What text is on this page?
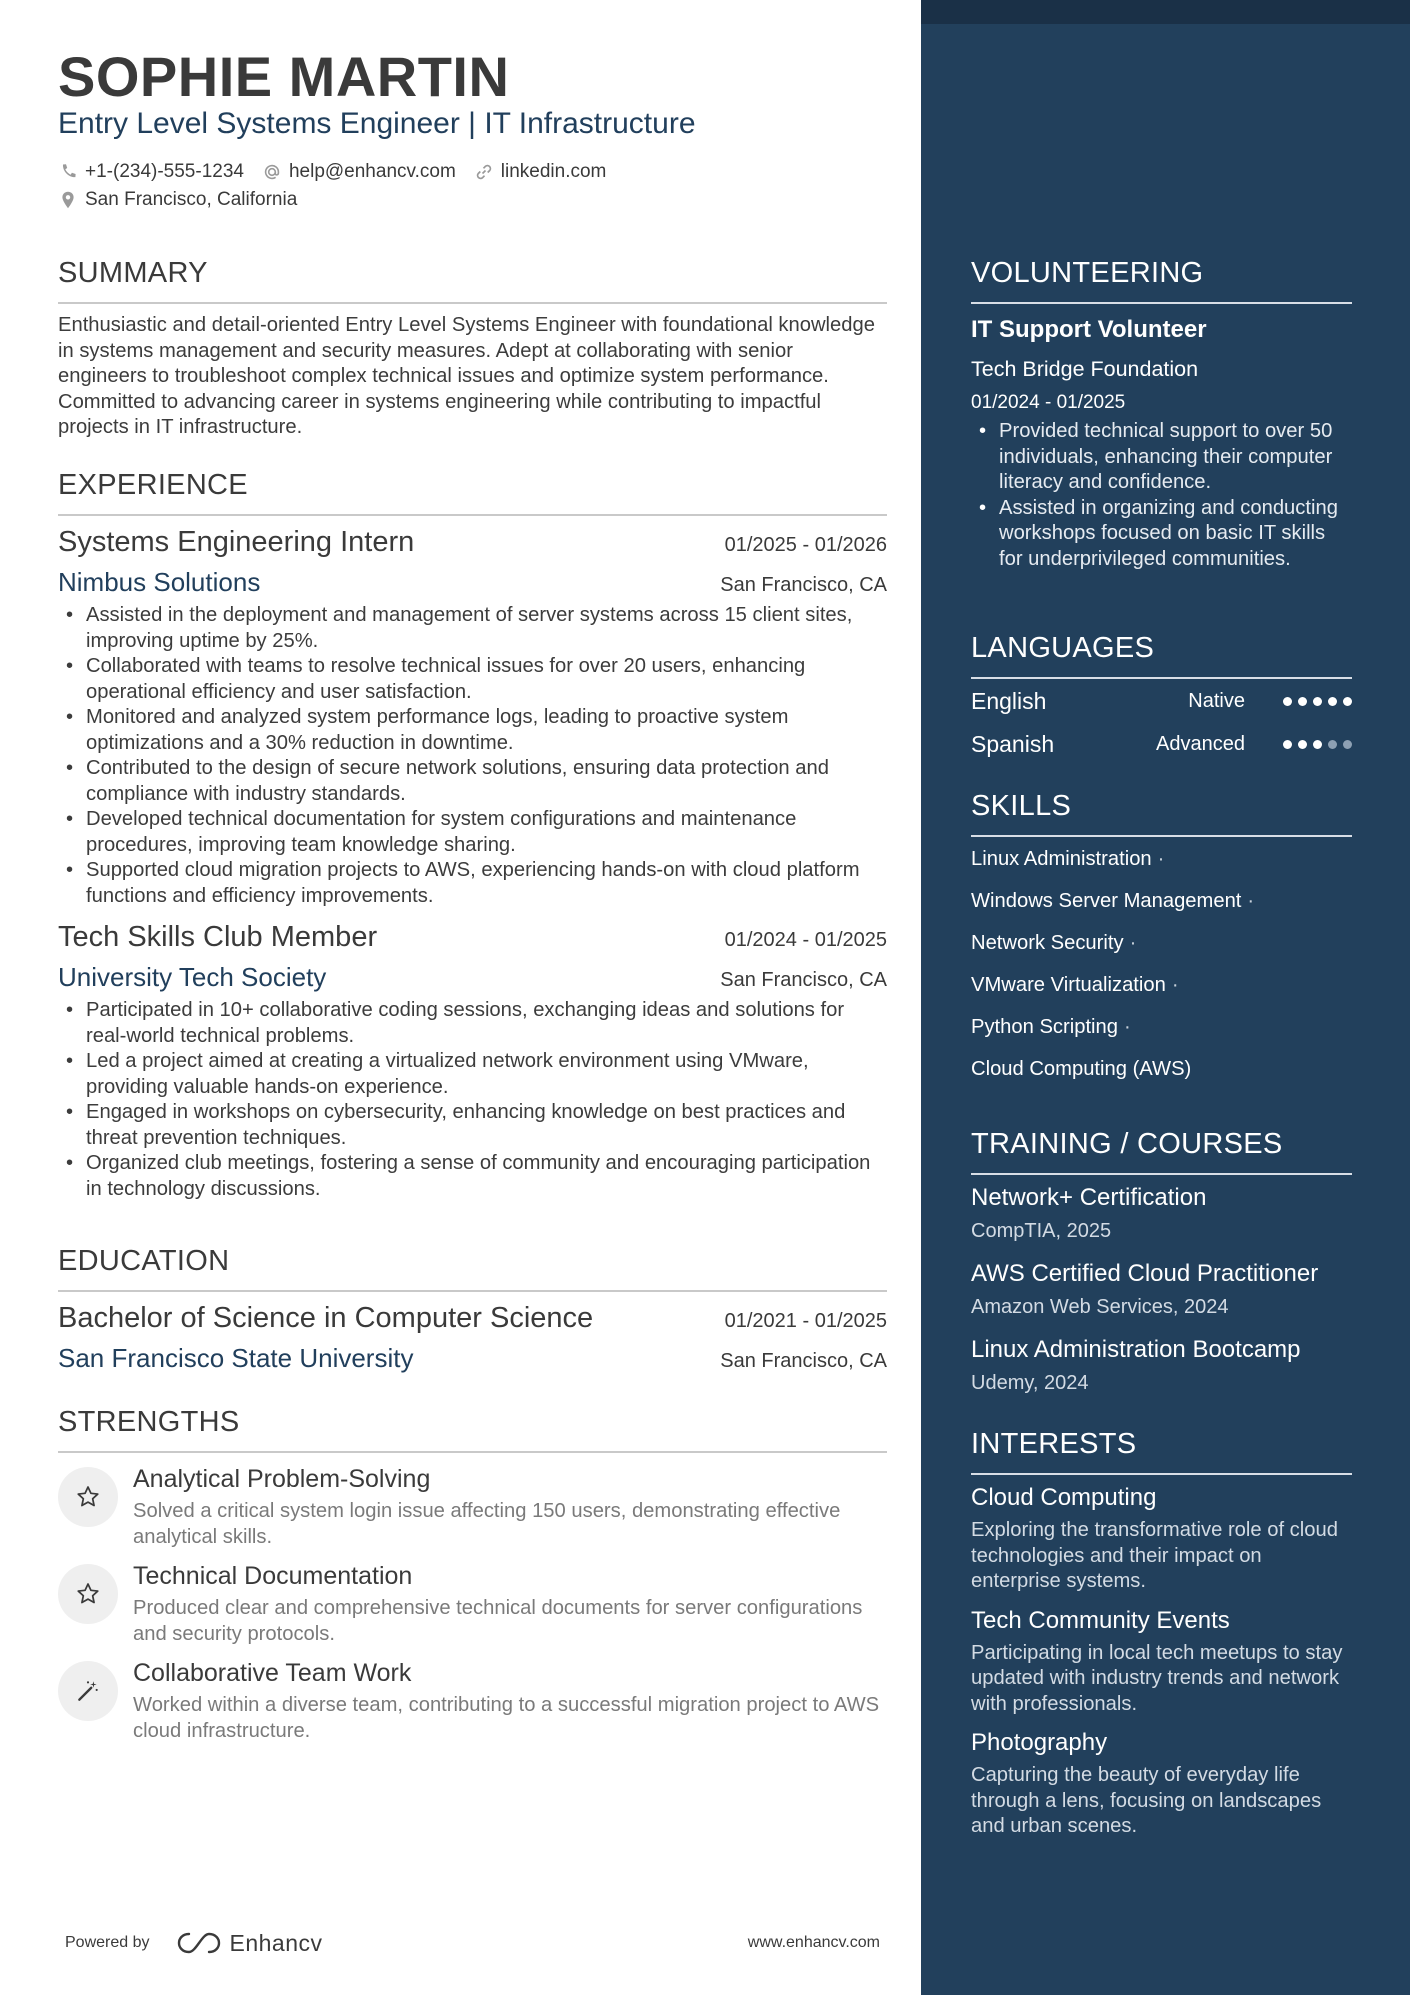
SOPHIE MARTIN
Entry Level Systems Engineer | IT Infrastructure
+1-(234)-555-1234 help@enhancv.com linkedin.com
San Francisco, California
SUMMARY
Enthusiastic and detail-oriented Entry Level Systems Engineer with foundational knowledge in systems management and security measures. Adept at collaborating with senior engineers to troubleshoot complex technical issues and optimize system performance. Committed to advancing career in systems engineering while contributing to impactful projects in IT infrastructure.
EXPERIENCE
Systems Engineering Intern	01/2025 - 01/2026
Nimbus Solutions	San Francisco, CA
• Assisted in the deployment and management of server systems across 15 client sites, improving uptime by 25%.
• Collaborated with teams to resolve technical issues for over 20 users, enhancing operational efficiency and user satisfaction.
• Monitored and analyzed system performance logs, leading to proactive system optimizations and a 30% reduction in downtime.
• Contributed to the design of secure network solutions, ensuring data protection and compliance with industry standards.
• Developed technical documentation for system configurations and maintenance procedures, improving team knowledge sharing.
• Supported cloud migration projects to AWS, experiencing hands-on with cloud platform functions and efficiency improvements.
Tech Skills Club Member	01/2024 - 01/2025
University Tech Society	San Francisco, CA
• Participated in 10+ collaborative coding sessions, exchanging ideas and solutions for real-world technical problems.
• Led a project aimed at creating a virtualized network environment using VMware, providing valuable hands-on experience.
• Engaged in workshops on cybersecurity, enhancing knowledge on best practices and threat prevention techniques.
• Organized club meetings, fostering a sense of community and encouraging participation in technology discussions.
EDUCATION
Bachelor of Science in Computer Science	01/2021 - 01/2025
San Francisco State University	San Francisco, CA
STRENGTHS
Analytical Problem-Solving
Solved a critical system login issue affecting 150 users, demonstrating effective analytical skills.
Technical Documentation
Produced clear and comprehensive technical documents for server configurations and security protocols.
Collaborative Team Work
Worked within a diverse team, contributing to a successful migration project to AWS cloud infrastructure.
Powered by	Enhancv	www.enhancv.com
VOLUNTEERING
IT Support Volunteer
Tech Bridge Foundation
01/2024 - 01/2025
• Provided technical support to over 50 individuals, enhancing their computer literacy and confidence.
• Assisted in organizing and conducting workshops focused on basic IT skills for underprivileged communities.
LANGUAGES
English	Native
Spanish	Advanced
SKILLS
Linux Administration ·
Windows Server Management ·
Network Security ·
VMware Virtualization ·
Python Scripting ·
Cloud Computing (AWS)
TRAINING / COURSES
Network+ Certification
CompTIA, 2025
AWS Certified Cloud Practitioner
Amazon Web Services, 2024
Linux Administration Bootcamp
Udemy, 2024
INTERESTS
Cloud Computing
Exploring the transformative role of cloud technologies and their impact on enterprise systems.
Tech Community Events
Participating in local tech meetups to stay updated with industry trends and network with professionals.
Photography
Capturing the beauty of everyday life through a lens, focusing on landscapes and urban scenes.
